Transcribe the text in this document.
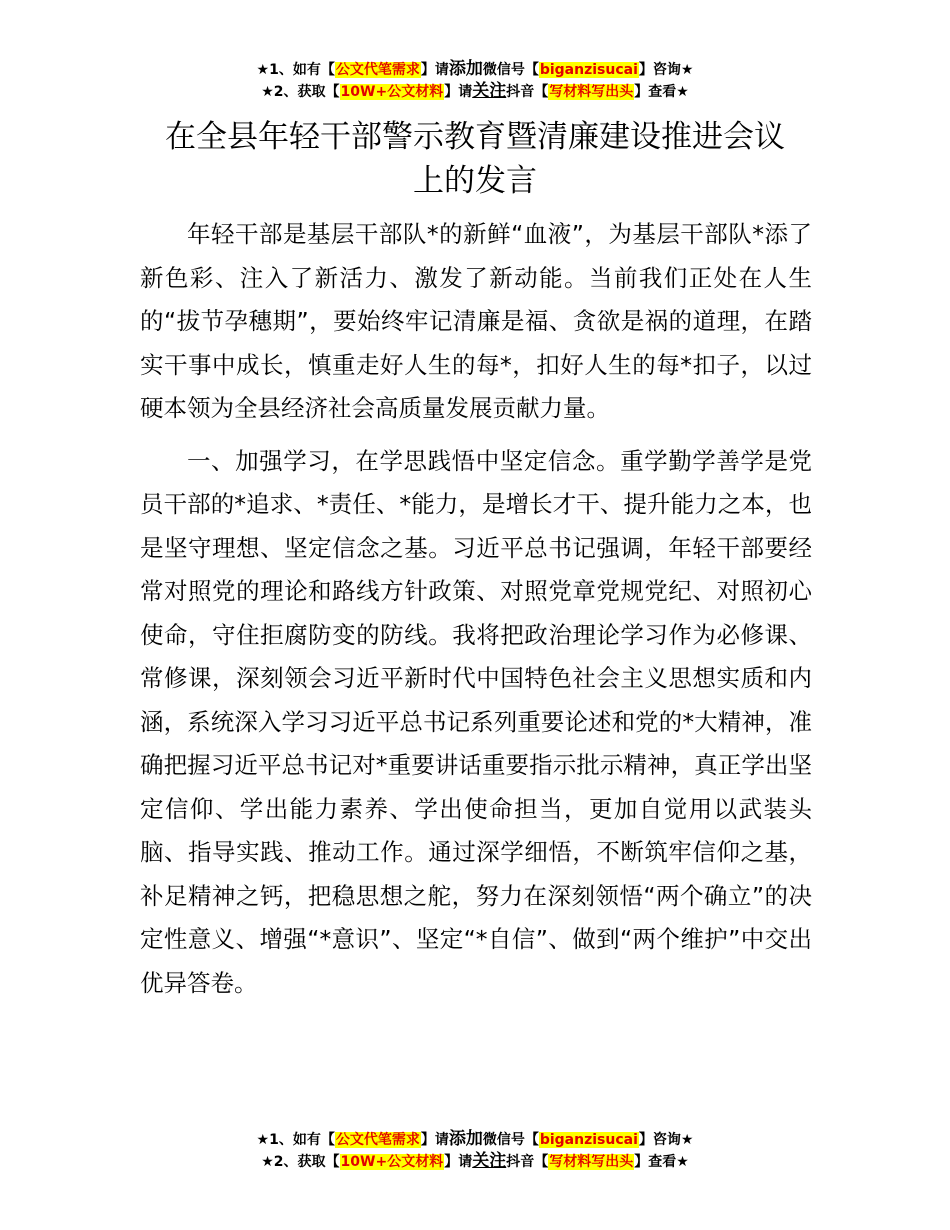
★1、如有【公文代笔需求】请添加微信号【biganzisucai】咨询★
★2、获取【10W+公文材料】请关注抖音【写材料写出头】查看★
在全县年轻干部警示教育暨清廉建设推进会议
上的发言

年轻干部是基层干部队*的新鲜“血液”，为基层干部队*添了新色彩、注入了新活力、激发了新动能。当前我们正处在人生的“拔节孕穗期”，要始终牢记清廉是福、贪欲是祸的道理，在踏实干事中成长，慎重走好人生的每*，扣好人生的每*扣子，以过硬本领为全县经济社会高质量发展贡献力量。

一、加强学习，在学思践悟中坚定信念。重学勤学善学是党员干部的*追求、*责任、*能力，是增长才干、提升能力之本，也是坚守理想、坚定信念之基。习近平总书记强调，年轻干部要经常对照党的理论和路线方针政策、对照党章党规党纪、对照初心使命，守住拒腐防变的防线。我将把政治理论学习作为必修课、常修课，深刻领会习近平新时代中国特色社会主义思想实质和内涵，系统深入学习习近平总书记系列重要论述和党的*大精神，准确把握习近平总书记对*重要讲话重要指示批示精神，真正学出坚定信仰、学出能力素养、学出使命担当，更加自觉用以武装头脑、指导实践、推动工作。通过深学细悟，不断筑牢信仰之基，补足精神之钙，把稳思想之舵，努力在深刻领悟“两个确立”的决定性意义、增强“*意识”、坚定“*自信”、做到“两个维护”中交出优异答卷。

★1、如有【公文代笔需求】请添加微信号【biganzisucai】咨询★
★2、获取【10W+公文材料】请关注抖音【写材料写出头】查看★
